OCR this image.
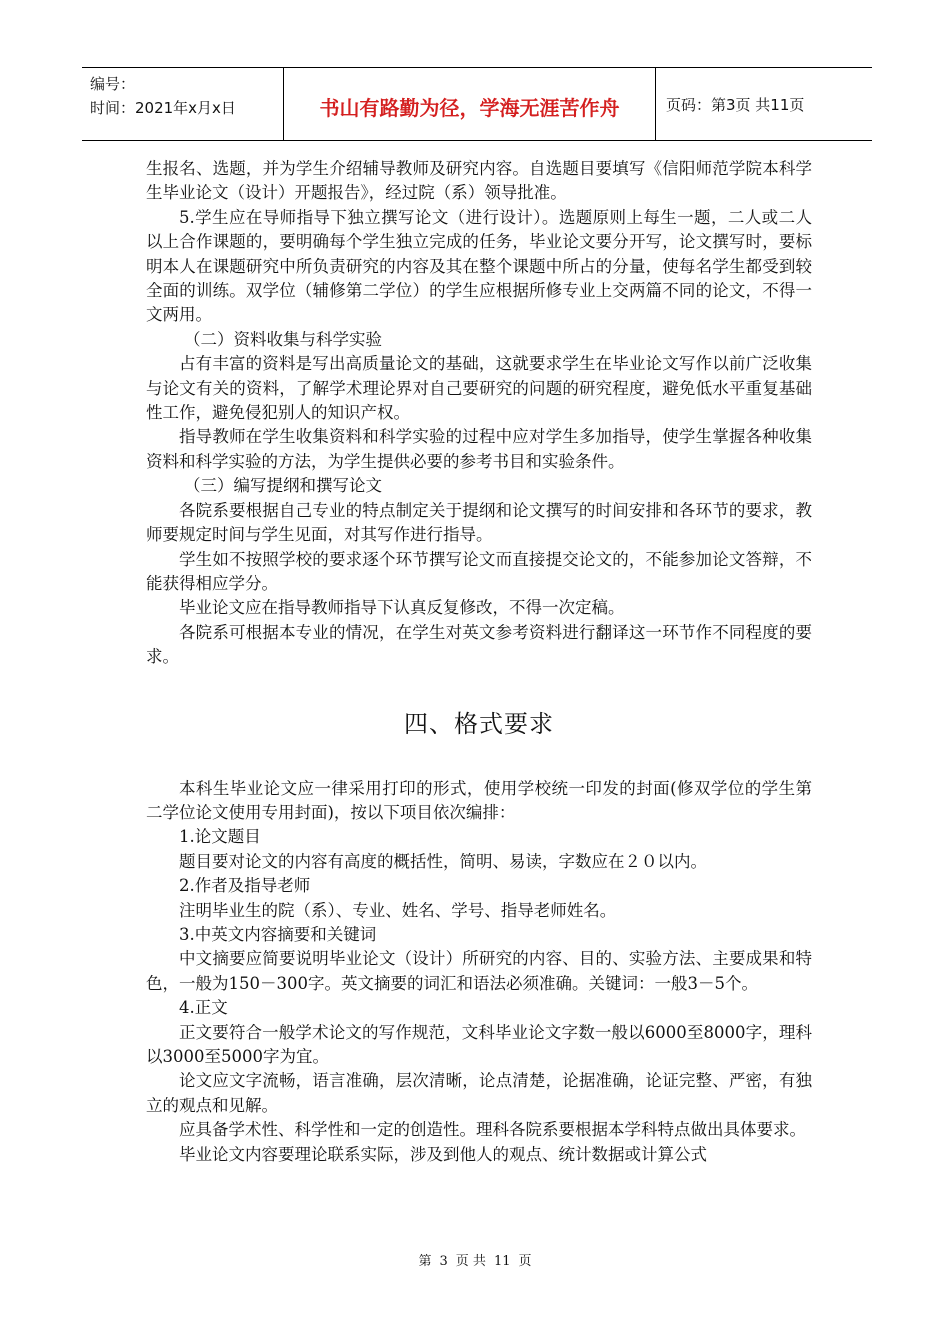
编号：
时间：2021年x月x日	书山有路勤为径，学海无涯苦作舟	页码：第3页 共11页

生报名、选题，并为学生介绍辅导教师及研究内容。自选题目要填写《信阳师范学院本科学生毕业论文（设计）开题报告》，经过院（系）领导批准。

5.学生应在导师指导下独立撰写论文（进行设计）。选题原则上每生一题，二人或二人以上合作课题的，要明确每个学生独立完成的任务，毕业论文要分开写，论文撰写时，要标明本人在课题研究中所负责研究的内容及其在整个课题中所占的分量，使每名学生都受到较全面的训练。双学位（辅修第二学位）的学生应根据所修专业上交两篇不同的论文，不得一文两用。

（二）资料收集与科学实验

占有丰富的资料是写出高质量论文的基础，这就要求学生在毕业论文写作以前广泛收集与论文有关的资料，了解学术理论界对自己要研究的问题的研究程度，避免低水平重复基础性工作，避免侵犯别人的知识产权。

指导教师在学生收集资料和科学实验的过程中应对学生多加指导，使学生掌握各种收集资料和科学实验的方法，为学生提供必要的参考书目和实验条件。

（三）编写提纲和撰写论文

各院系要根据自己专业的特点制定关于提纲和论文撰写的时间安排和各环节的要求，教师要规定时间与学生见面，对其写作进行指导。

学生如不按照学校的要求逐个环节撰写论文而直接提交论文的，不能参加论文答辩，不能获得相应学分。

毕业论文应在指导教师指导下认真反复修改，不得一次定稿。

各院系可根据本专业的情况，在学生对英文参考资料进行翻译这一环节作不同程度的要求。

四、格式要求

本科生毕业论文应一律采用打印的形式，使用学校统一印发的封面(修双学位的学生第二学位论文使用专用封面)，按以下项目依次编排：

1.论文题目

题目要对论文的内容有高度的概括性，简明、易读，字数应在２０以内。

2.作者及指导老师

注明毕业生的院（系）、专业、姓名、学号、指导老师姓名。

3.中英文内容摘要和关键词

中文摘要应简要说明毕业论文（设计）所研究的内容、目的、实验方法、主要成果和特色，一般为150－300字。英文摘要的词汇和语法必须准确。关键词：一般3－5个。

4.正文

正文要符合一般学术论文的写作规范，文科毕业论文字数一般以6000至8000字，理科以3000至5000字为宜。

论文应文字流畅，语言准确，层次清晰，论点清楚，论据准确，论证完整、严密，有独立的观点和见解。

应具备学术性、科学性和一定的创造性。理科各院系要根据本学科特点做出具体要求。

毕业论文内容要理论联系实际，涉及到他人的观点、统计数据或计算公式

第 3 页 共 11 页
